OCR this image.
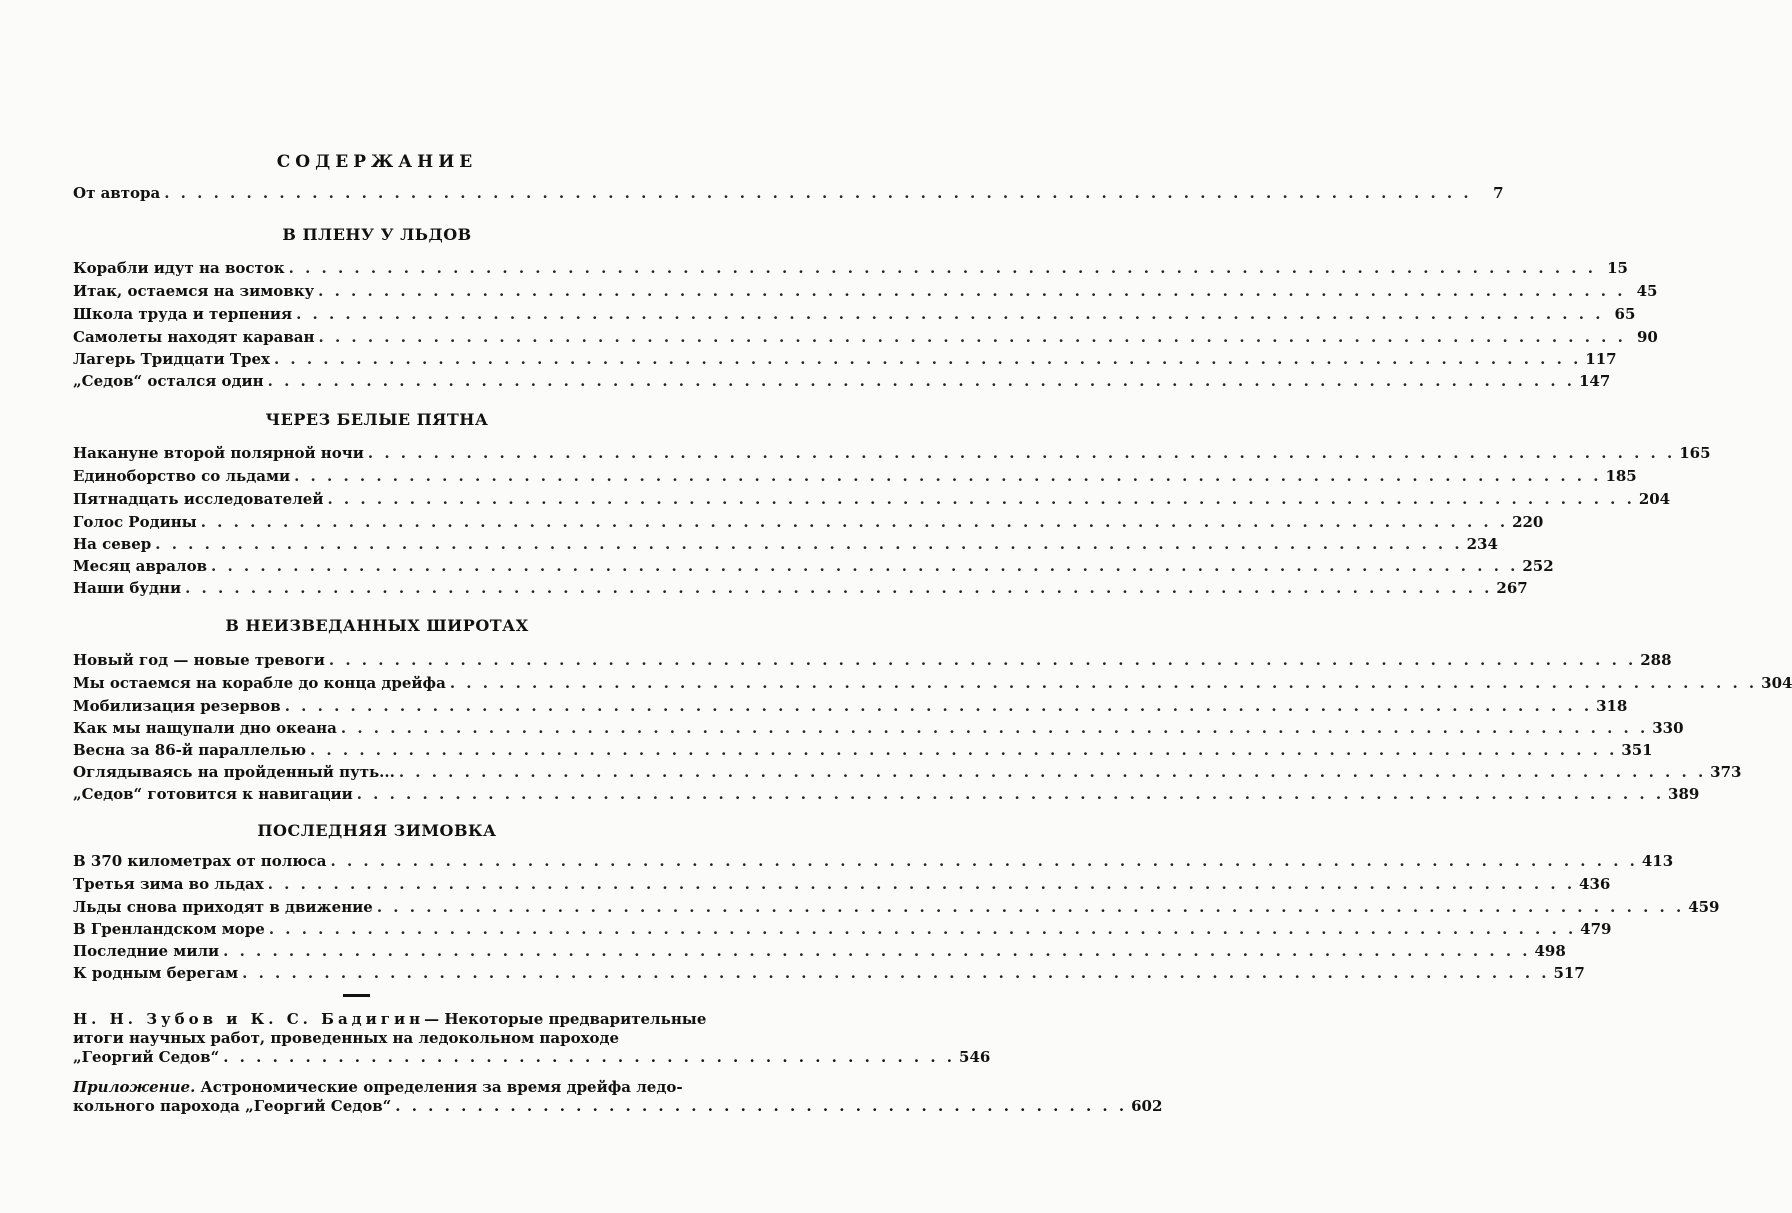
СОДЕРЖАНИЕ
От автора . . .	7
В ПЛЕНУ У ЛЬДОВ
Корабли идут на восток . . .	15
Итак, остаемся на зимовку . . .	45
Школа труда и терпения . . .	65
Самолеты находят караван . . .	90
Лагерь Тридцати Трех . . .	117
„Седов“ остался один . . .	147
ЧЕРЕЗ БЕЛЫЕ ПЯТНА
Накануне второй полярной ночи . . .	165
Единоборство со льдами . . .	185
Пятнадцать исследователей . . .	204
Голос Родины . . .	220
На север . . .	234
Месяц авралов . . .	252
Наши будни . . .	267
В НЕИЗВЕДАННЫХ ШИРОТАХ
Новый год — новые тревоги . . .	288
Мы остаемся на корабле до конца дрейфа . . .	304
Мобилизация резервов . . .	318
Как мы нащупали дно океана . . .	330
Весна за 86-й параллелью . . .	351
Оглядываясь на пройденный путь... . . .	373
„Седов“ готовится к навигации . . .	389
ПОСЛЕДНЯЯ ЗИМОВКА
В 370 километрах от полюса . . .	413
Третья зима во льдах . . .	436
Льды снова приходят в движение . . .	459
В Гренландском море . . .	479
Последние мили . . .	498
К родным берегам . . .	517
Н. Н. Зубов и К. С. Бадигин— Некоторые предварительные
итоги научных работ, проведенных на ледокольном пароходе
„Георгий Седов“ . . . . . . . . . . . . . . . . . . . . . . . . . . . . . . . . . . . . . . . . . . . . . 546
Приложение. Астрономические определения за время дрейфа ледо-
кольного парохода „Георгий Седов“ . . . . . . . . . . . . . . . . . . . . . . . . . . . . . . . . . . . . . . . . . . . . . 602
